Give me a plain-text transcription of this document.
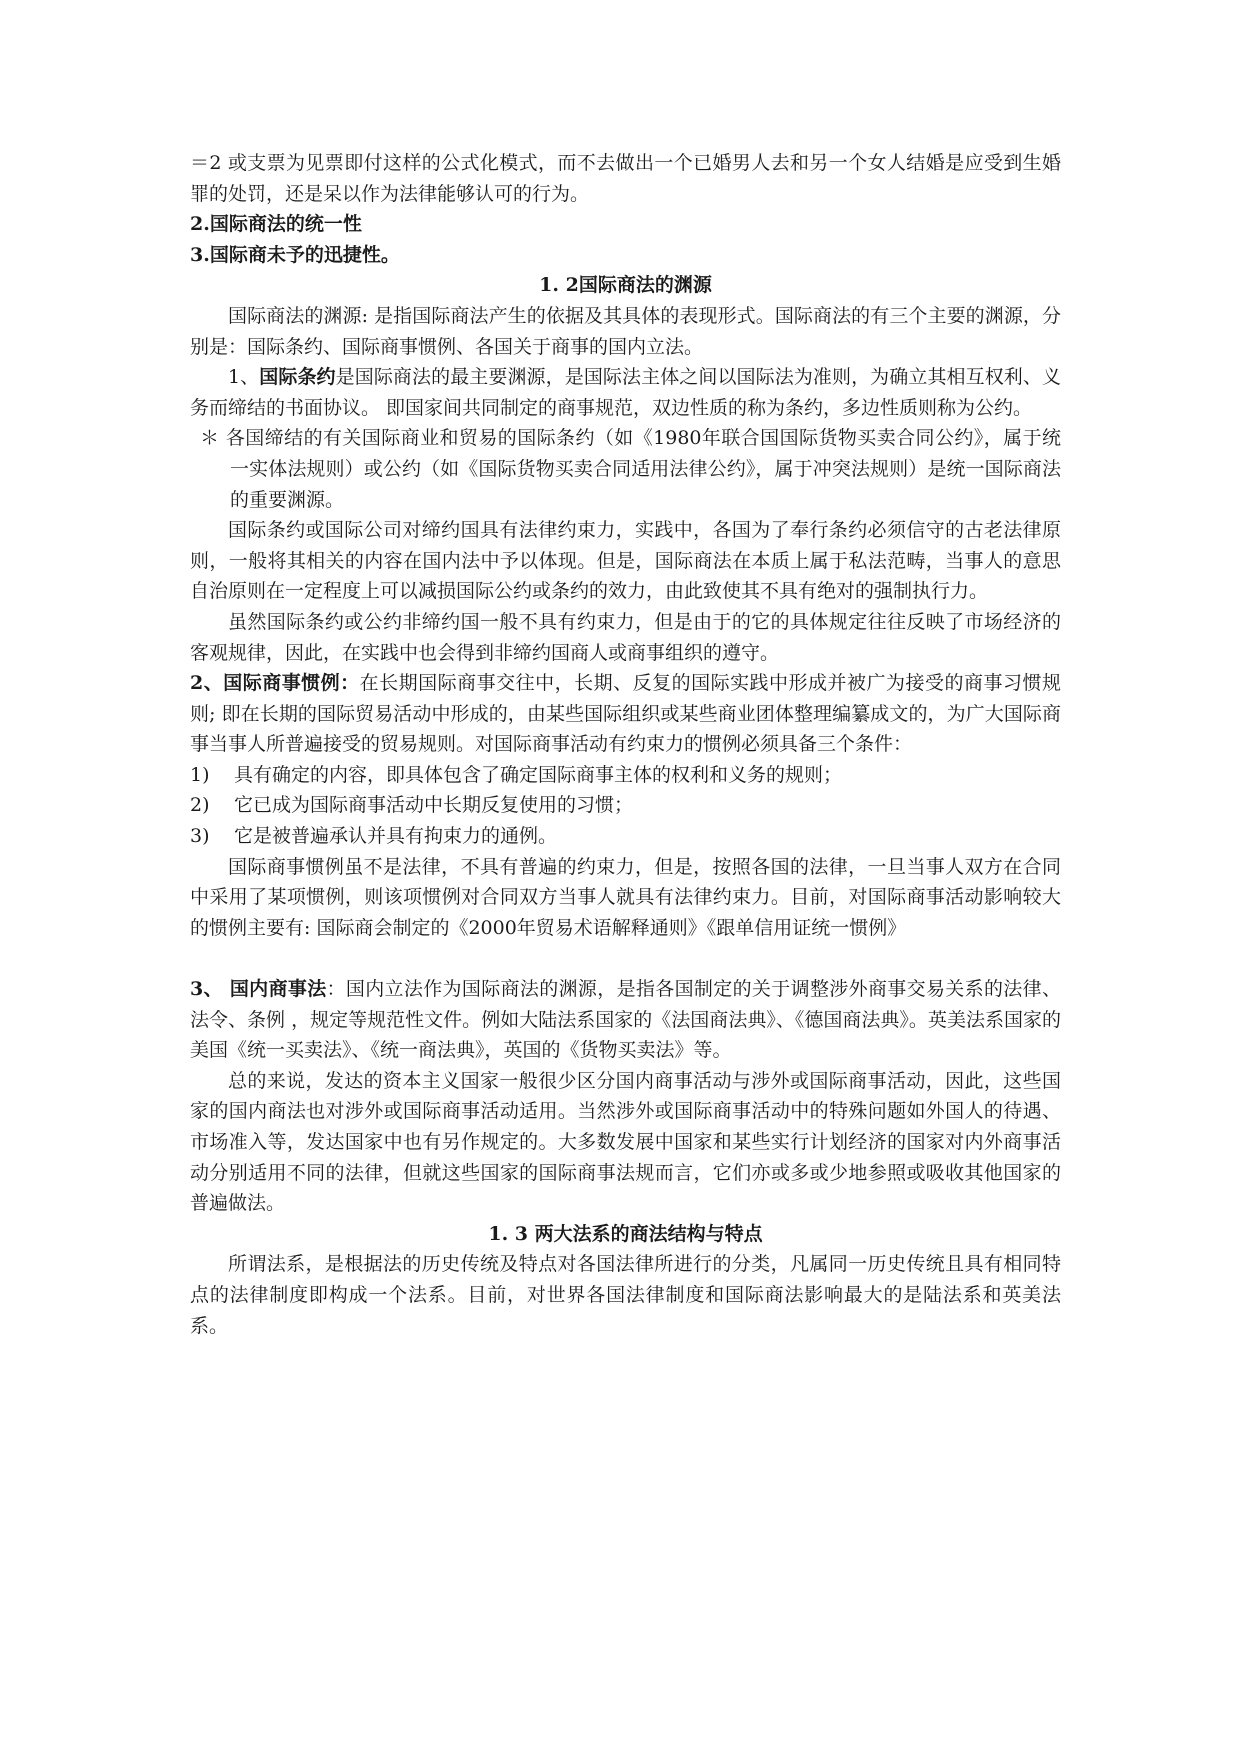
＝2 或支票为见票即付这样的公式化模式，而不去做出一个已婚男人去和另一个女人结婚是应受到生婚罪的处罚，还是呆以作为法律能够认可的行为。

2.国际商法的统一性

3.国际商未予的迅捷性。

1. 2国际商法的渊源

国际商法的渊源: 是指国际商法产生的依据及其具体的表现形式。国际商法的有三个主要的渊源，分别是：国际条约、国际商事惯例、各国关于商事的国内立法。

1、国际条约是国际商法的最主要渊源，是国际法主体之间以国际法为准则，为确立其相互权利、义务而缔结的书面协议。 即国家间共同制定的商事规范，双边性质的称为条约，多边性质则称为公约。

＊ 各国缔结的有关国际商业和贸易的国际条约（如《1980年联合国国际货物买卖合同公约》，属于统一实体法规则）或公约（如《国际货物买卖合同适用法律公约》，属于冲突法规则）是统一国际商法的重要渊源。

国际条约或国际公司对缔约国具有法律约束力，实践中，各国为了奉行条约必须信守的古老法律原则，一般将其相关的内容在国内法中予以体现。但是，国际商法在本质上属于私法范畴，当事人的意思自治原则在一定程度上可以减损国际公约或条约的效力，由此致使其不具有绝对的强制执行力。

虽然国际条约或公约非缔约国一般不具有约束力，但是由于的它的具体规定往往反映了市场经济的客观规律，因此，在实践中也会得到非缔约国商人或商事组织的遵守。

2、国际商事惯例：在长期国际商事交往中，长期、反复的国际实践中形成并被广为接受的商事习惯规则; 即在长期的国际贸易活动中形成的，由某些国际组织或某些商业团体整理编纂成文的，为广大国际商事当事人所普遍接受的贸易规则。对国际商事活动有约束力的惯例必须具备三个条件：

1)	具有确定的内容，即具体包含了确定国际商事主体的权利和义务的规则；
2)	它已成为国际商事活动中长期反复使用的习惯；
3)	它是被普遍承认并具有拘束力的通例。

国际商事惯例虽不是法律，不具有普遍的约束力，但是，按照各国的法律，一旦当事人双方在合同中采用了某项惯例，则该项惯例对合同双方当事人就具有法律约束力。目前，对国际商事活动影响较大的惯例主要有: 国际商会制定的《2000年贸易术语解释通则》《跟单信用证统一惯例》

3、 国内商事法：国内立法作为国际商法的渊源，是指各国制定的关于调整涉外商事交易关系的法律、法令、条例 ，规定等规范性文件。例如大陆法系国家的《法国商法典》、《德国商法典》。英美法系国家的美国《统一买卖法》、《统一商法典》，英国的《货物买卖法》等。

总的来说，发达的资本主义国家一般很少区分国内商事活动与涉外或国际商事活动，因此，这些国家的国内商法也对涉外或国际商事活动适用。当然涉外或国际商事活动中的特殊问题如外国人的待遇、市场准入等，发达国家中也有另作规定的。大多数发展中国家和某些实行计划经济的国家对内外商事活动分别适用不同的法律，但就这些国家的国际商事法规而言，它们亦或多或少地参照或吸收其他国家的普遍做法。

1. 3 两大法系的商法结构与特点

所谓法系，是根据法的历史传统及特点对各国法律所进行的分类，凡属同一历史传统且具有相同特点的法律制度即构成一个法系。目前，对世界各国法律制度和国际商法影响最大的是陆法系和英美法系。
